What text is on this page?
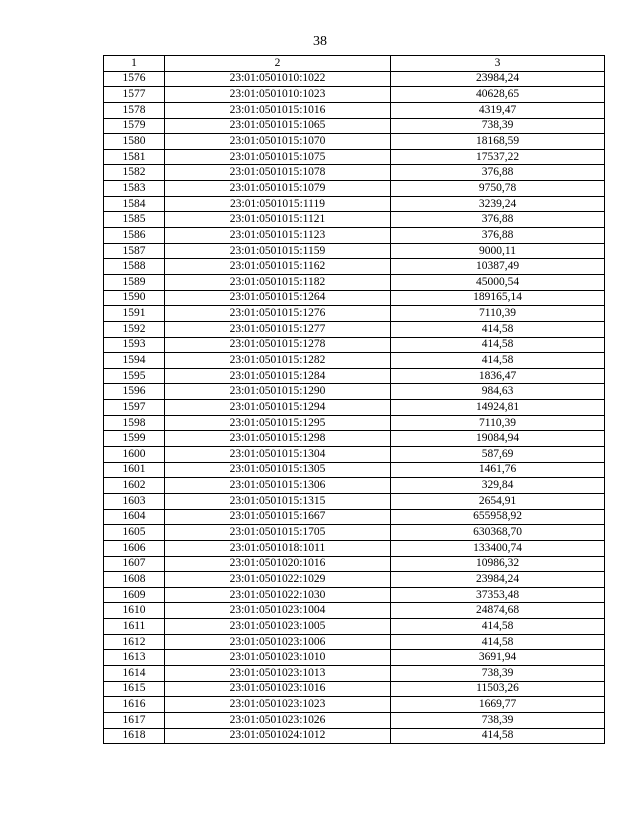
38
1	2	3
1576	23:01:0501010:1022	23984,24
1577	23:01:0501010:1023	40628,65
1578	23:01:0501015:1016	4319,47
1579	23:01:0501015:1065	738,39
1580	23:01:0501015:1070	18168,59
1581	23:01:0501015:1075	17537,22
1582	23:01:0501015:1078	376,88
1583	23:01:0501015:1079	9750,78
1584	23:01:0501015:1119	3239,24
1585	23:01:0501015:1121	376,88
1586	23:01:0501015:1123	376,88
1587	23:01:0501015:1159	9000,11
1588	23:01:0501015:1162	10387,49
1589	23:01:0501015:1182	45000,54
1590	23:01:0501015:1264	189165,14
1591	23:01:0501015:1276	7110,39
1592	23:01:0501015:1277	414,58
1593	23:01:0501015:1278	414,58
1594	23:01:0501015:1282	414,58
1595	23:01:0501015:1284	1836,47
1596	23:01:0501015:1290	984,63
1597	23:01:0501015:1294	14924,81
1598	23:01:0501015:1295	7110,39
1599	23:01:0501015:1298	19084,94
1600	23:01:0501015:1304	587,69
1601	23:01:0501015:1305	1461,76
1602	23:01:0501015:1306	329,84
1603	23:01:0501015:1315	2654,91
1604	23:01:0501015:1667	655958,92
1605	23:01:0501015:1705	630368,70
1606	23:01:0501018:1011	133400,74
1607	23:01:0501020:1016	10986,32
1608	23:01:0501022:1029	23984,24
1609	23:01:0501022:1030	37353,48
1610	23:01:0501023:1004	24874,68
1611	23:01:0501023:1005	414,58
1612	23:01:0501023:1006	414,58
1613	23:01:0501023:1010	3691,94
1614	23:01:0501023:1013	738,39
1615	23:01:0501023:1016	11503,26
1616	23:01:0501023:1023	1669,77
1617	23:01:0501023:1026	738,39
1618	23:01:0501024:1012	414,58
